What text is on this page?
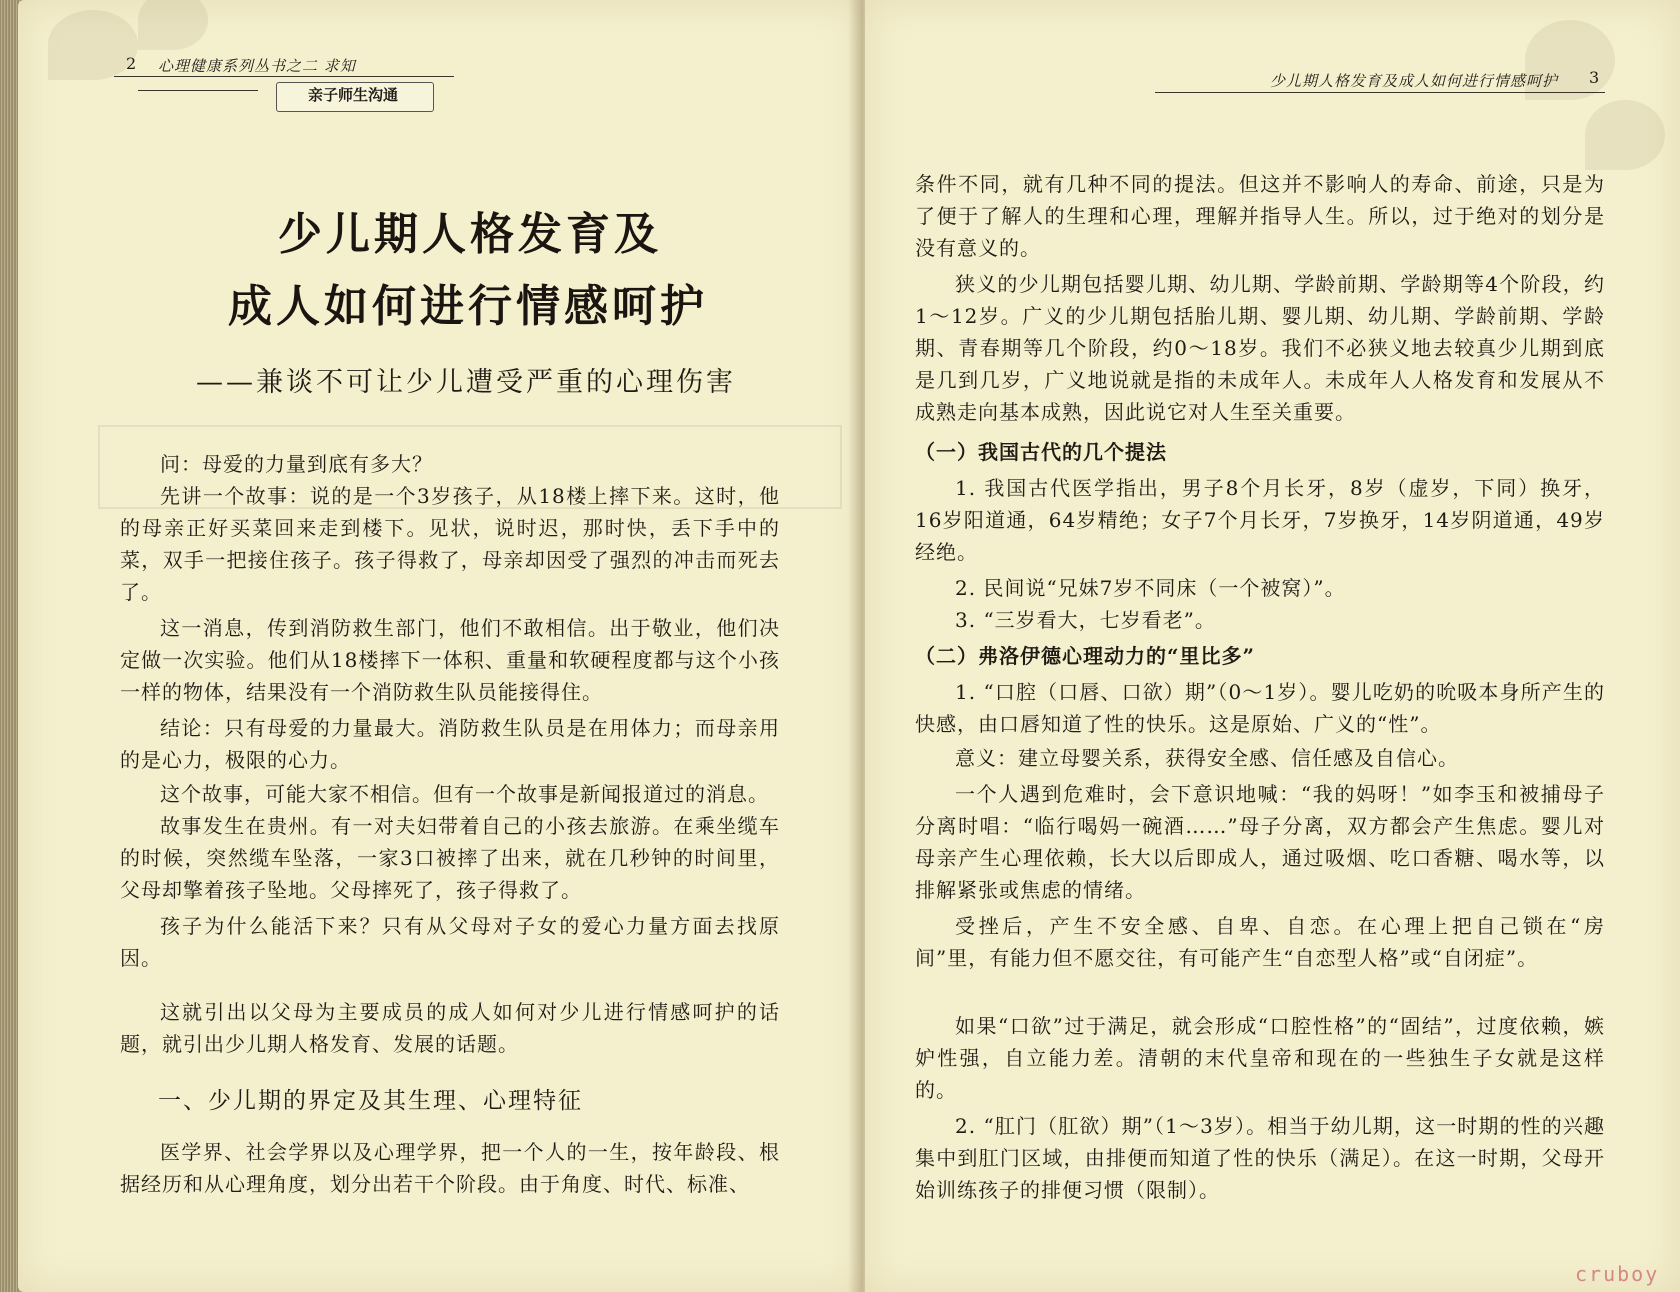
2 心理健康系列丛书之二 求知
亲子师生沟通
少儿期人格发育及
成人如何进行情感呵护
——兼谈不可让少儿遭受严重的心理伤害
问：母爱的力量到底有多大？
先讲一个故事：说的是一个3岁孩子，从18楼上摔下来。这时，他的母亲正好买菜回来走到楼下。见状，说时迟，那时快，丢下手中的菜，双手一把接住孩子。孩子得救了，母亲却因受了强烈的冲击而死去了。
这一消息，传到消防救生部门，他们不敢相信。出于敬业，他们决定做一次实验。他们从18楼摔下一体积、重量和软硬程度都与这个小孩一样的物体，结果没有一个消防救生队员能接得住。
结论：只有母爱的力量最大。消防救生队员是在用体力；而母亲用的是心力，极限的心力。
这个故事，可能大家不相信。但有一个故事是新闻报道过的消息。
故事发生在贵州。有一对夫妇带着自己的小孩去旅游。在乘坐缆车的时候，突然缆车坠落，一家3口被摔了出来，就在几秒钟的时间里，父母却擎着孩子坠地。父母摔死了，孩子得救了。
孩子为什么能活下来？只有从父母对子女的爱心力量方面去找原因。
这就引出以父母为主要成员的成人如何对少儿进行情感呵护的话题，就引出少儿期人格发育、发展的话题。
一、少儿期的界定及其生理、心理特征
医学界、社会学界以及心理学界，把一个人的一生，按年龄段、根据经历和从心理角度，划分出若干个阶段。由于角度、时代、标准、
少儿期人格发育及成人如何进行情感呵护 3
条件不同，就有几种不同的提法。但这并不影响人的寿命、前途，只是为了便于了解人的生理和心理，理解并指导人生。所以，过于绝对的划分是没有意义的。
狭义的少儿期包括婴儿期、幼儿期、学龄前期、学龄期等4个阶段，约1～12岁。广义的少儿期包括胎儿期、婴儿期、幼儿期、学龄前期、学龄期、青春期等几个阶段，约0～18岁。我们不必狭义地去较真少儿期到底是几到几岁，广义地说就是指的未成年人。未成年人人格发育和发展从不成熟走向基本成熟，因此说它对人生至关重要。
（一）我国古代的几个提法
1. 我国古代医学指出，男子8个月长牙，8岁（虚岁，下同）换牙，16岁阳道通，64岁精绝；女子7个月长牙，7岁换牙，14岁阴道通，49岁经绝。
2. 民间说“兄妹7岁不同床（一个被窝）”。
3. “三岁看大，七岁看老”。
（二）弗洛伊德心理动力的“里比多”
1. “口腔（口唇、口欲）期”（0～1岁）。婴儿吃奶的吮吸本身所产生的快感，由口唇知道了性的快乐。这是原始、广义的“性”。
意义：建立母婴关系，获得安全感、信任感及自信心。
一个人遇到危难时，会下意识地喊：“我的妈呀！”如李玉和被捕母子分离时唱：“临行喝妈一碗酒……”母子分离，双方都会产生焦虑。婴儿对母亲产生心理依赖，长大以后即成人，通过吸烟、吃口香糖、喝水等，以排解紧张或焦虑的情绪。
受挫后，产生不安全感、自卑、自恋。在心理上把自己锁在“房间”里，有能力但不愿交往，有可能产生“自恋型人格”或“自闭症”。
如果“口欲”过于满足，就会形成“口腔性格”的“固结”，过度依赖，嫉妒性强，自立能力差。清朝的末代皇帝和现在的一些独生子女就是这样的。
2. “肛门（肛欲）期”（1～3岁）。相当于幼儿期，这一时期的性的兴趣集中到肛门区域，由排便而知道了性的快乐（满足）。在这一时期，父母开始训练孩子的排便习惯（限制）。
cruboy
